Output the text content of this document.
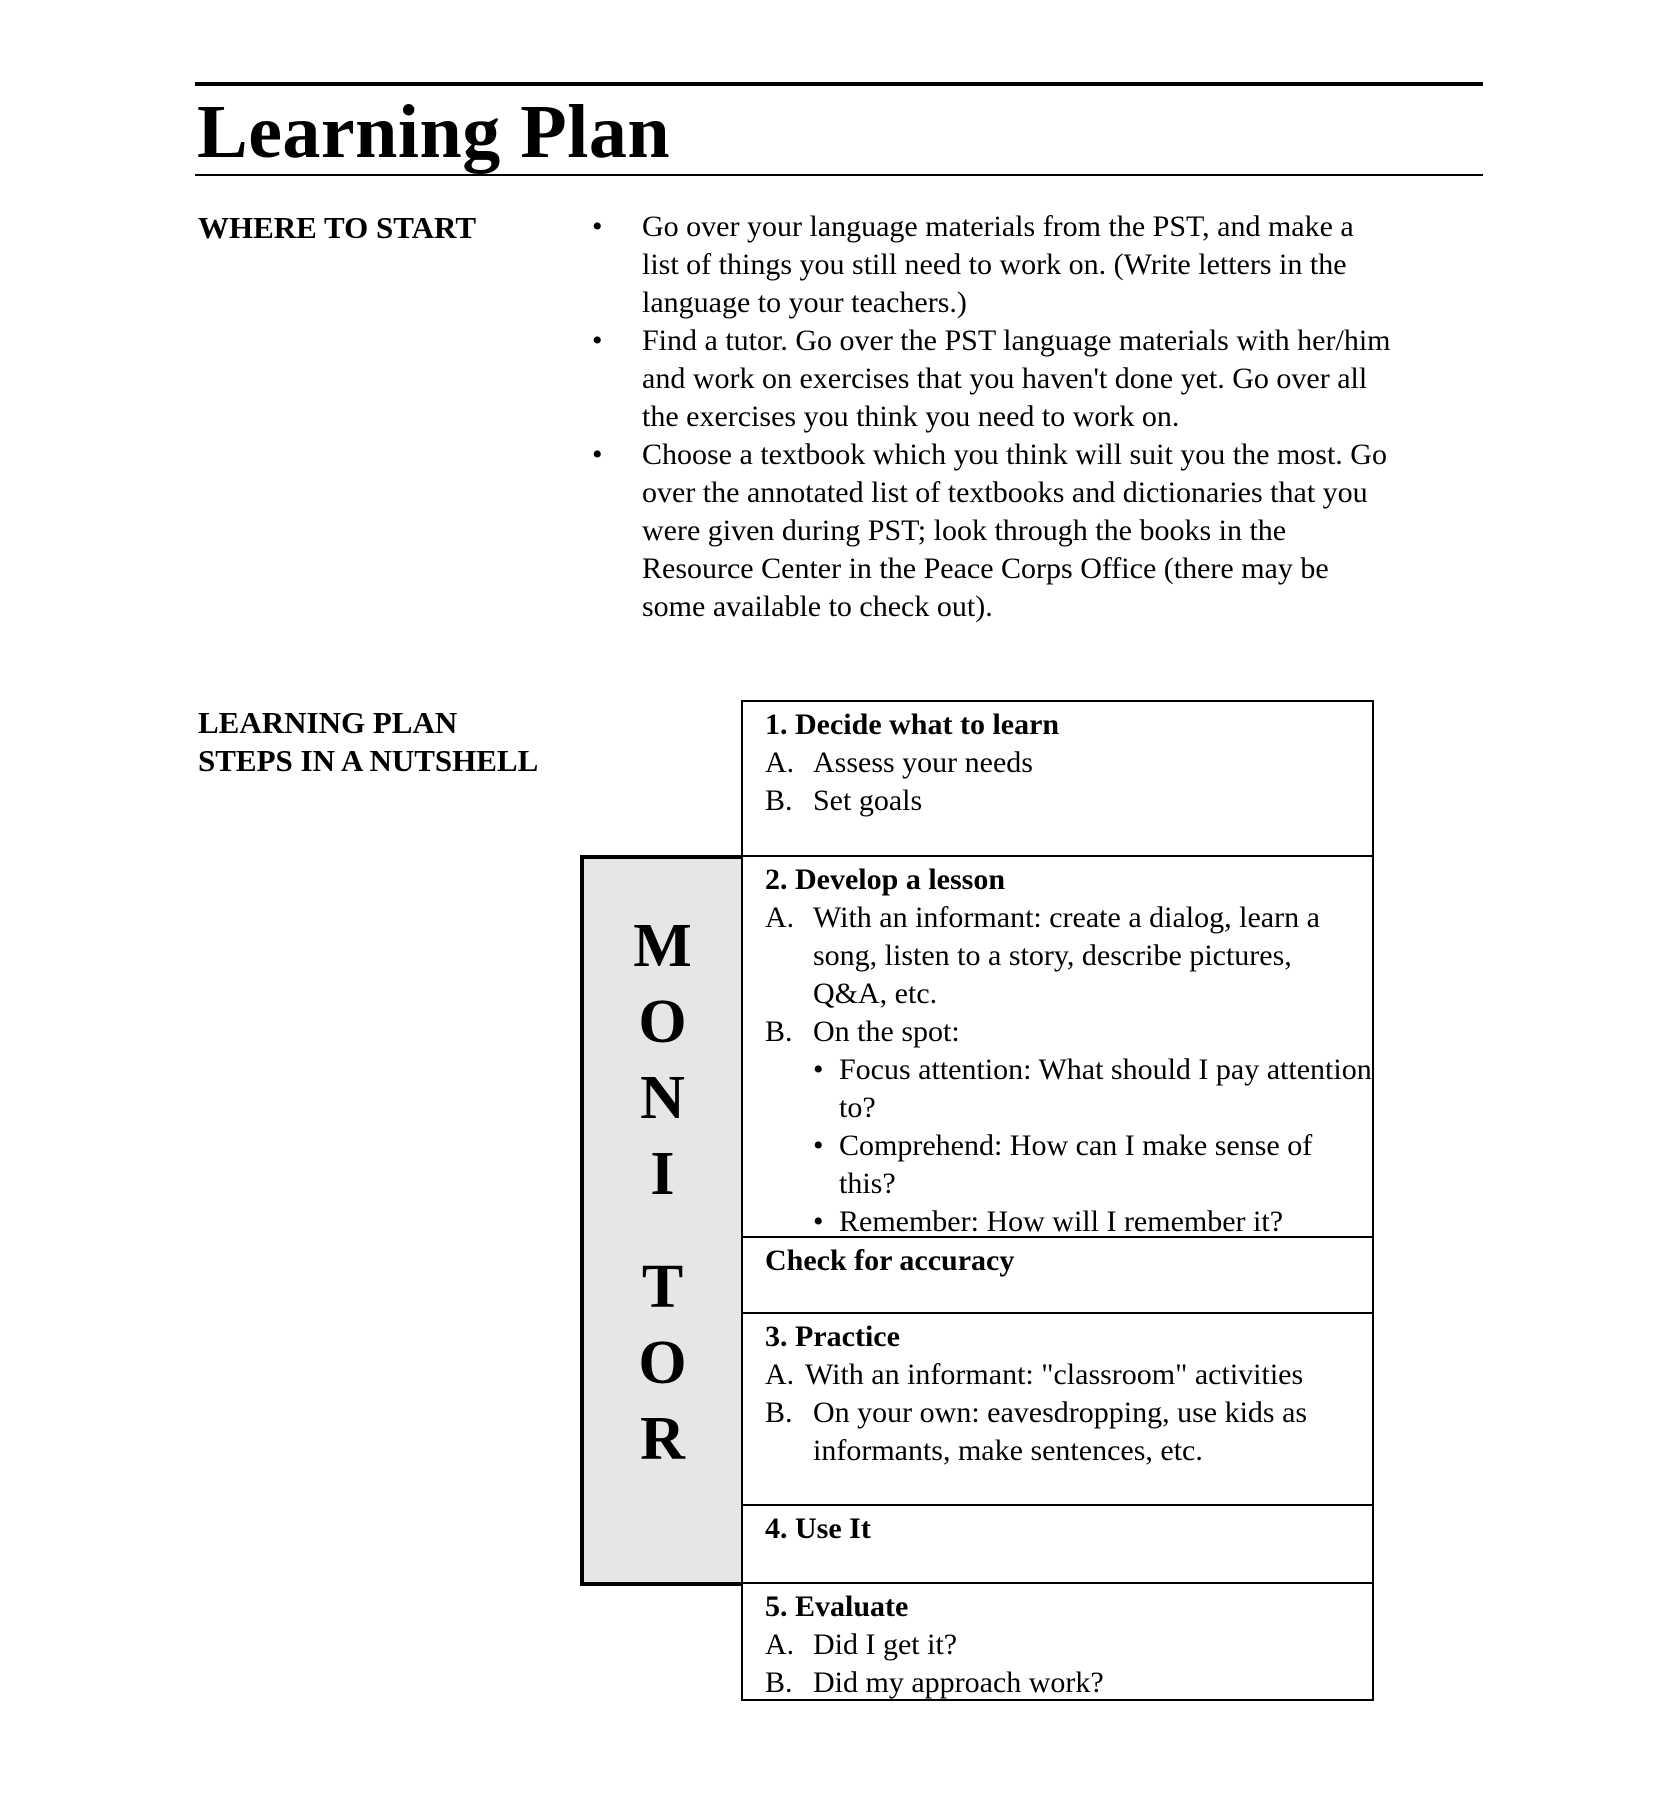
Learning Plan
WHERE TO START	• Go over your language materials from the PST, and make a list of things you still need to work on. (Write letters in the language to your teachers.)
• Find a tutor. Go over the PST language materials with her/him and work on exercises that you haven't done yet. Go over all the exercises you think you need to work on.
• Choose a textbook which you think will suit you the most. Go over the annotated list of textbooks and dictionaries that you were given during PST; look through the books in the Resource Center in the Peace Corps Office (there may be some available to check out).
LEARNING PLAN
STEPS IN A NUTSHELL
M
O
N
I
T
O
R
1. Decide what to learn
A. Assess your needs
B. Set goals
2. Develop a lesson
A. With an informant: create a dialog, learn a song, listen to a story, describe pictures, Q&A, etc.
B. On the spot:
• Focus attention: What should I pay attention to?
• Comprehend: How can I make sense of this?
• Remember: How will I remember it?
Check for accuracy
3. Practice
A. With an informant: "classroom" activities
B. On your own: eavesdropping, use kids as informants, make sentences, etc.
4. Use It
5. Evaluate
A. Did I get it?
B. Did my approach work?
